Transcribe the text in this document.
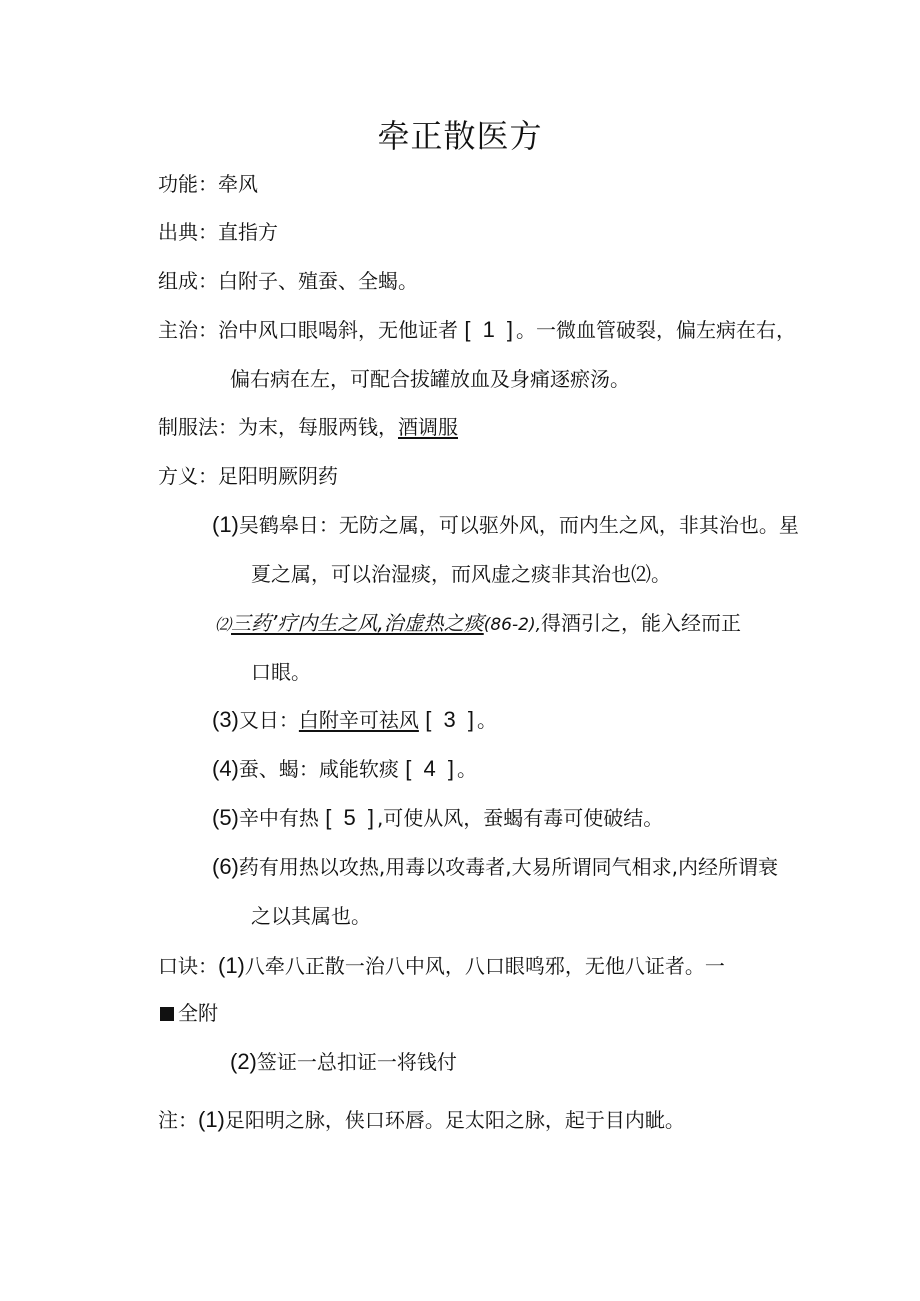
牵正散医方
功能：牵风
出典：直指方
组成：白附子、殖蚕、全蝎。
主治：治中风口眼喝斜，无他证者 [ 1 ]。一微血管破裂，偏左病在右，
偏右病在左，可配合拔罐放血及身痛逐瘀汤。
制服法：为末，每服两钱，酒调服
方义：足阳明厥阴药
(1)吴鹤皋日：无防之属，可以驱外风，而内生之风，非其治也。星
夏之属，可以治湿痰，而风虚之痰非其治也⑵。
⑵三药’疗内生之风,治虚热之痰(86-2),得酒引之，能入经而正
口眼。
(3)又日：白附辛可祛风 [ 3 ]。
(4)蚕、蝎：咸能软痰 [ 4 ]。
(5)辛中有热 [ 5 ],可使从风，蚕蝎有毒可使破结。
(6)药有用热以攻热,用毒以攻毒者,大易所谓同气相求,内经所谓衰
之以其属也。
口诀：(1)八牵八正散一治八中风，八口眼鸣邪，无他八证者。一
全附
(2)签证一总扣证一将钱付
注：(1)足阳明之脉，侠口环唇。足太阳之脉，起于目内眦。
